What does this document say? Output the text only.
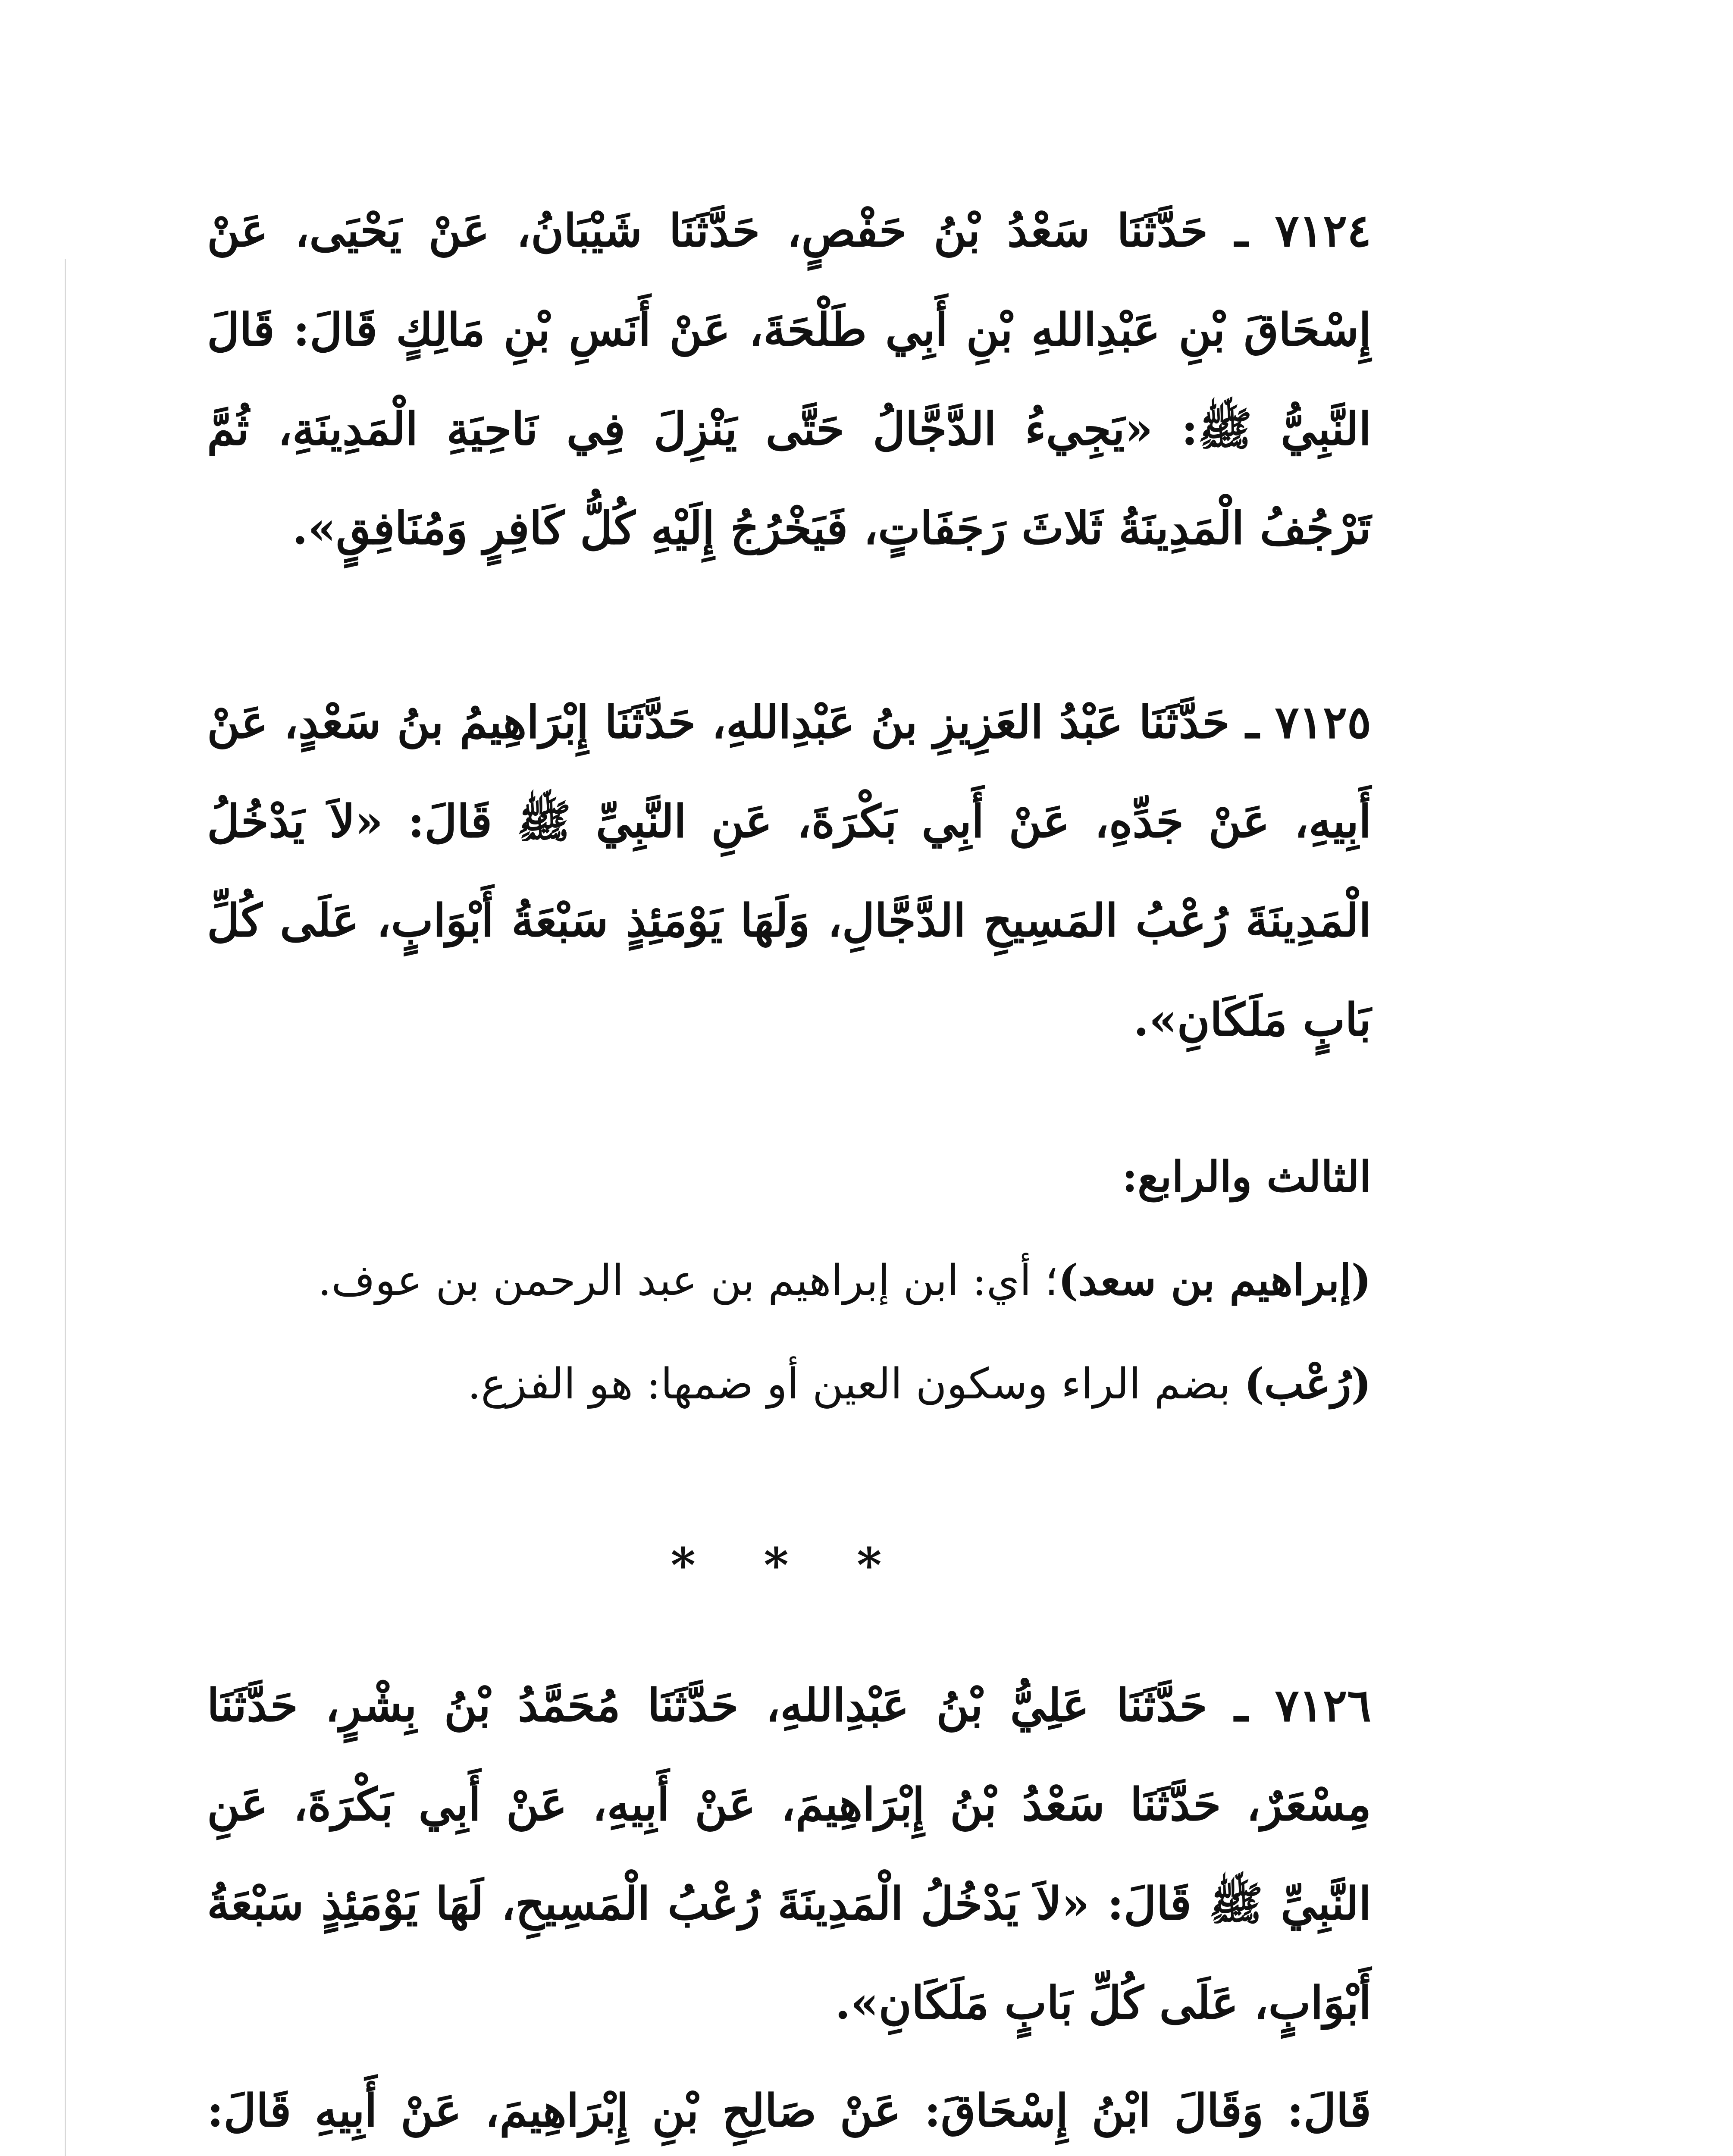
٧١٢٤ ـ حَدَّثَنَا سَعْدُ بْنُ حَفْصٍ، حَدَّثَنَا شَيْبَانُ، عَنْ يَحْيَى، عَنْ إِسْحَاقَ بْنِ عَبْدِاللهِ بْنِ أَبِي طَلْحَةَ، عَنْ أَنَسِ بْنِ مَالِكٍ قَالَ: قَالَ النَّبِيُّ ﷺ: «يَجِيءُ الدَّجَّالُ حَتَّى يَنْزِلَ فِي نَاحِيَةِ الْمَدِينَةِ، ثُمَّ تَرْجُفُ الْمَدِينَةُ ثَلاثَ رَجَفَاتٍ، فَيَخْرُجُ إِلَيْهِ كُلُّ كَافِرٍ وَمُنَافِقٍ».

٧١٢٥ ـ حَدَّثَنَا عَبْدُ العَزِيزِ بنُ عَبْدِاللهِ، حَدَّثَنَا إِبْرَاهِيمُ بنُ سَعْدٍ، عَنْ أَبِيهِ، عَنْ جَدِّهِ، عَنْ أَبِي بَكْرَةَ، عَنِ النَّبِيِّ ﷺ قَالَ: «لاَ يَدْخُلُ الْمَدِينَةَ رُعْبُ المَسِيحِ الدَّجَّالِ، وَلَهَا يَوْمَئِذٍ سَبْعَةُ أَبْوَابٍ، عَلَى كُلِّ بَابٍ مَلَكَانِ».

الثالث والرابع:

(إبراهيم بن سعد)؛ أي: ابن إبراهيم بن عبد الرحمن بن عوف.

(رُعْب) بضم الراء وسكون العين أو ضمها: هو الفزع.

* * *

٧١٢٦ ـ حَدَّثَنَا عَلِيُّ بْنُ عَبْدِاللهِ، حَدَّثَنَا مُحَمَّدُ بْنُ بِشْرٍ، حَدَّثَنَا مِسْعَرٌ، حَدَّثَنَا سَعْدُ بْنُ إِبْرَاهِيمَ، عَنْ أَبِيهِ، عَنْ أَبِي بَكْرَةَ، عَنِ النَّبِيِّ ﷺ قَالَ: «لاَ يَدْخُلُ الْمَدِينَةَ رُعْبُ الْمَسِيحِ، لَهَا يَوْمَئِذٍ سَبْعَةُ أَبْوَابٍ، عَلَى كُلِّ بَابٍ مَلَكَانِ».

قَالَ: وَقَالَ ابْنُ إِسْحَاقَ: عَنْ صَالِحِ بْنِ إِبْرَاهِيمَ، عَنْ أَبِيهِ قَالَ:
